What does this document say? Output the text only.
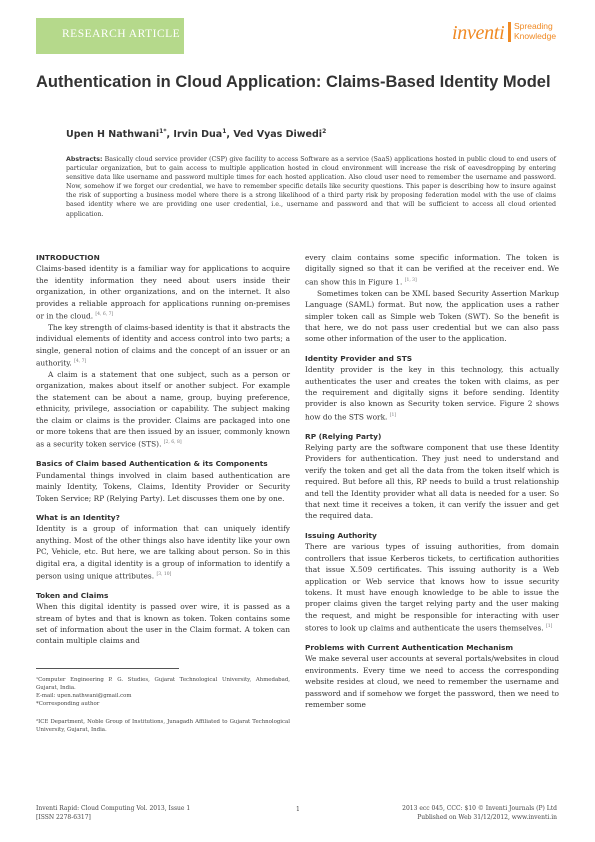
RESEARCH ARTICLE	inventi Spreading
Knowledge
Authentication in Cloud Application: Claims-Based Identity Model
Upen H Nathwani$^{1*}$, Irvin Dua$^1$, Ved Vyas Diwedi$^2$
Abstracts: Basically cloud service provider (CSP) give facility to access Software as a service (SaaS) applications hosted in public cloud to end users of particular organization, but to gain access to multiple application hosted in cloud environment will increase the risk of eavesdropping by entering sensitive data like username and password multiple times for each hosted application. Also cloud user need to remember the username and password. Now, somehow if we forget our credential, we have to remember specific details like security questions. This paper is describing how to insure against the risk of supporting a business model where there is a strong likelihood of a third party risk by proposing federation model with the use of claims based identity where we are providing one user credential, i.e., username and password and that will be sufficient to access all cloud oriented application.
INTRODUCTION

Claims-based identity is a familiar way for applications to acquire the identity information they need about users inside their organization, in other organizations, and on the internet. It also provides a reliable approach for applications running on-premises or in the cloud. [4, 6, 7]

The key strength of claims-based identity is that it abstracts the individual elements of identity and access control into two parts; a single, general notion of claims and the concept of an issuer or an authority. [4, 7]

A claim is a statement that one subject, such as a person or organization, makes about itself or another subject. For example the statement can be about a name, group, buying preference, ethnicity, privilege, association or capability. The subject making the claim or claims is the provider. Claims are packaged into one or more tokens that are then issued by an issuer, commonly known as a security token service (STS). [2, 6, 8]

Basics of Claim based Authentication & its Components

Fundamental things involved in claim based authentication are mainly Identity, Tokens, Claims, Identity Provider or Security Token Service; RP (Relying Party). Let discusses them one by one.

What is an Identity?

Identity is a group of information that can uniquely identify anything. Most of the other things also have identity like your own PC, Vehicle, etc. But here, we are talking about person. So in this digital era, a digital identity is a group of information to identify a person using unique attributes. [3, 10]

Token and Claims

When this digital identity is passed over wire, it is passed as a stream of bytes and that is known as token. Token contains some set of information about the user in the Claim format. A token can contain multiple claims and

¹Computer Engineering P. G. Studies, Gujarat Technological University, Ahmedabad, Gujarat, India.

E-mail: upen.nathwani@gmail.com

*Corresponding author

²ICE Department, Noble Group of Institutions, Junagadh Affiliated to Gujarat Technological University, Gujarat, India.

every claim contains some specific information. The token is digitally signed so that it can be verified at the receiver end. We can show this in Figure 1. [1, 3]

Sometimes token can be XML based Security Assertion Markup Language (SAML) format. But now, the application uses a rather simpler token call as Simple web Token (SWT). So the benefit is that here, we do not pass user credential but we can also pass some other information of the user to the application.

Identity Provider and STS

Identity provider is the key in this technology, this actually authenticates the user and creates the token with claims, as per the requirement and digitally signs it before sending. Identity provider is also known as Security token service. Figure 2 shows how do the STS work. [1]

RP (Relying Party)

Relying party are the software component that use these Identity Providers for authentication. They just need to understand and verify the token and get all the data from the token itself which is required. But before all this, RP needs to build a trust relationship and tell the Identity provider what all data is needed for a user. So that next time it receives a token, it can verify the issuer and get the required data.

Issuing Authority

There are various types of issuing authorities, from domain controllers that issue Kerberos tickets, to certification authorities that issue X.509 certificates. This issuing authority is a Web application or Web service that knows how to issue security tokens. It must have enough knowledge to be able to issue the proper claims given the target relying party and the user making the request, and might be responsible for interacting with user stores to look up claims and authenticate the users themselves. [1]

Problems with Current Authentication Mechanism

We make several user accounts at several portals/websites in cloud environments. Every time we need to access the corresponding website resides at cloud, we need to remember the username and password and if somehow we forget the password, then we need to remember some

Inventi Rapid: Cloud Computing Vol. 2013, Issue 1
[ISSN 2278-6317]
1	2013 ecc 045, CCC: $10 © Inventi Journals (P) Ltd
Published on Web 31/12/2012, www.inventi.in
